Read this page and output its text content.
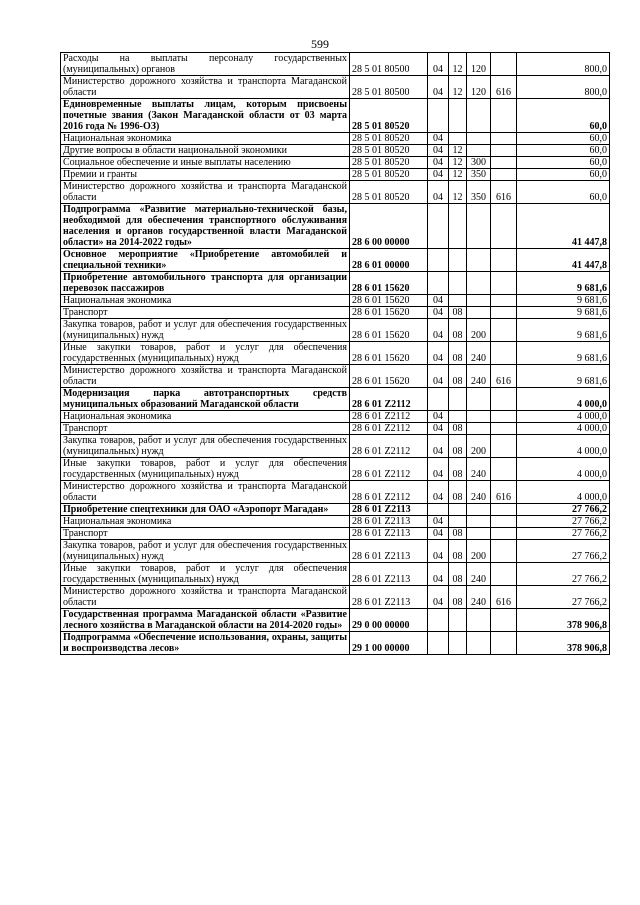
599
Расходы на выплаты персоналу государственных (муниципальных) органов	28 5 01 80500	04	12	120		800,0
Министерство дорожного хозяйства и транспорта Магаданской области	28 5 01 80500	04	12	120	616	800,0
Единовременные выплаты лицам, которым присвоены почетные звания (Закон Магаданской области от 03 марта 2016 года № 1996-ОЗ)	28 5 01 80520					60,0
Национальная экономика	28 5 01 80520	04				60,0
Другие вопросы в области национальной экономики	28 5 01 80520	04	12			60,0
Социальное обеспечение и иные выплаты населению	28 5 01 80520	04	12	300		60,0
Премии и гранты	28 5 01 80520	04	12	350		60,0
Министерство дорожного хозяйства и транспорта Магаданской области	28 5 01 80520	04	12	350	616	60,0
Подпрограмма «Развитие материально-технической базы, необходимой для обеспечения транспортного обслуживания населения и органов государственной власти Магаданской области» на 2014-2022 годы»	28 6 00 00000					41 447,8
Основное мероприятие «Приобретение автомобилей и специальной техники»	28 6 01 00000					41 447,8
Приобретение автомобильного транспорта для организации перевозок пассажиров	28 6 01 15620					9 681,6
Национальная экономика	28 6 01 15620	04				9 681,6
Транспорт	28 6 01 15620	04	08			9 681,6
Закупка товаров, работ и услуг для обеспечения государственных (муниципальных) нужд	28 6 01 15620	04	08	200		9 681,6
Иные закупки товаров, работ и услуг для обеспечения государственных (муниципальных) нужд	28 6 01 15620	04	08	240		9 681,6
Министерство дорожного хозяйства и транспорта Магаданской области	28 6 01 15620	04	08	240	616	9 681,6
Модернизация парка автотранспортных средств муниципальных образований Магаданской области	28 6 01 Z2112					4 000,0
Национальная экономика	28 6 01 Z2112	04				4 000,0
Транспорт	28 6 01 Z2112	04	08			4 000,0
Закупка товаров, работ и услуг для обеспечения государственных (муниципальных) нужд	28 6 01 Z2112	04	08	200		4 000,0
Иные закупки товаров, работ и услуг для обеспечения государственных (муниципальных) нужд	28 6 01 Z2112	04	08	240		4 000,0
Министерство дорожного хозяйства и транспорта Магаданской области	28 6 01 Z2112	04	08	240	616	4 000,0
Приобретение спецтехники для ОАО «Аэропорт Магадан»	28 6 01 Z2113					27 766,2
Национальная экономика	28 6 01 Z2113	04				27 766,2
Транспорт	28 6 01 Z2113	04	08			27 766,2
Закупка товаров, работ и услуг для обеспечения государственных (муниципальных) нужд	28 6 01 Z2113	04	08	200		27 766,2
Иные закупки товаров, работ и услуг для обеспечения государственных (муниципальных) нужд	28 6 01 Z2113	04	08	240		27 766,2
Министерство дорожного хозяйства и транспорта Магаданской области	28 6 01 Z2113	04	08	240	616	27 766,2
Государственная программа Магаданской области «Развитие лесного хозяйства в Магаданской области на 2014-2020 годы»	29 0 00 00000					378 906,8
Подпрограмма «Обеспечение использования, охраны, защиты и воспроизводства лесов»	29 1 00 00000					378 906,8
